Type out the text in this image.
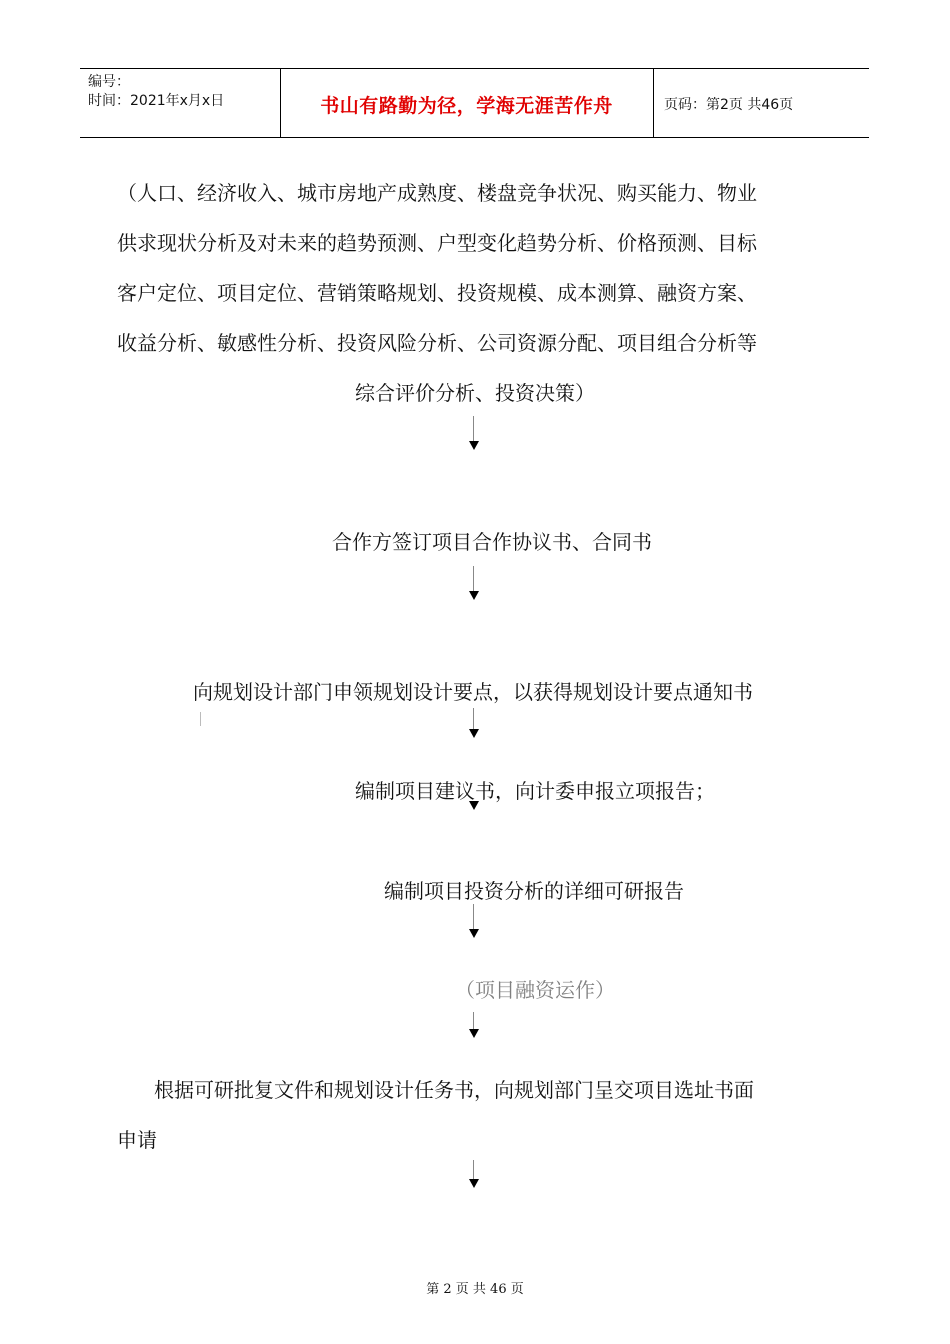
编号：
时间：2021年x月x日	书山有路勤为径，学海无涯苦作舟	页码：第2页 共46页
（人口、经济收入、城市房地产成熟度、楼盘竞争状况、购买能力、物业
供求现状分析及对未来的趋势预测、户型变化趋势分析、价格预测、目标
客户定位、项目定位、营销策略规划、投资规模、成本测算、融资方案、
收益分析、敏感性分析、投资风险分析、公司资源分配、项目组合分析等
综合评价分析、投资决策）
合作方签订项目合作协议书、合同书
向规划设计部门申领规划设计要点，以获得规划设计要点通知书
编制项目建议书，向计委申报立项报告；
编制项目投资分析的详细可研报告
（项目融资运作）
根据可研批复文件和规划设计任务书，向规划部门呈交项目选址书面
申请
第 2 页 共 46 页
